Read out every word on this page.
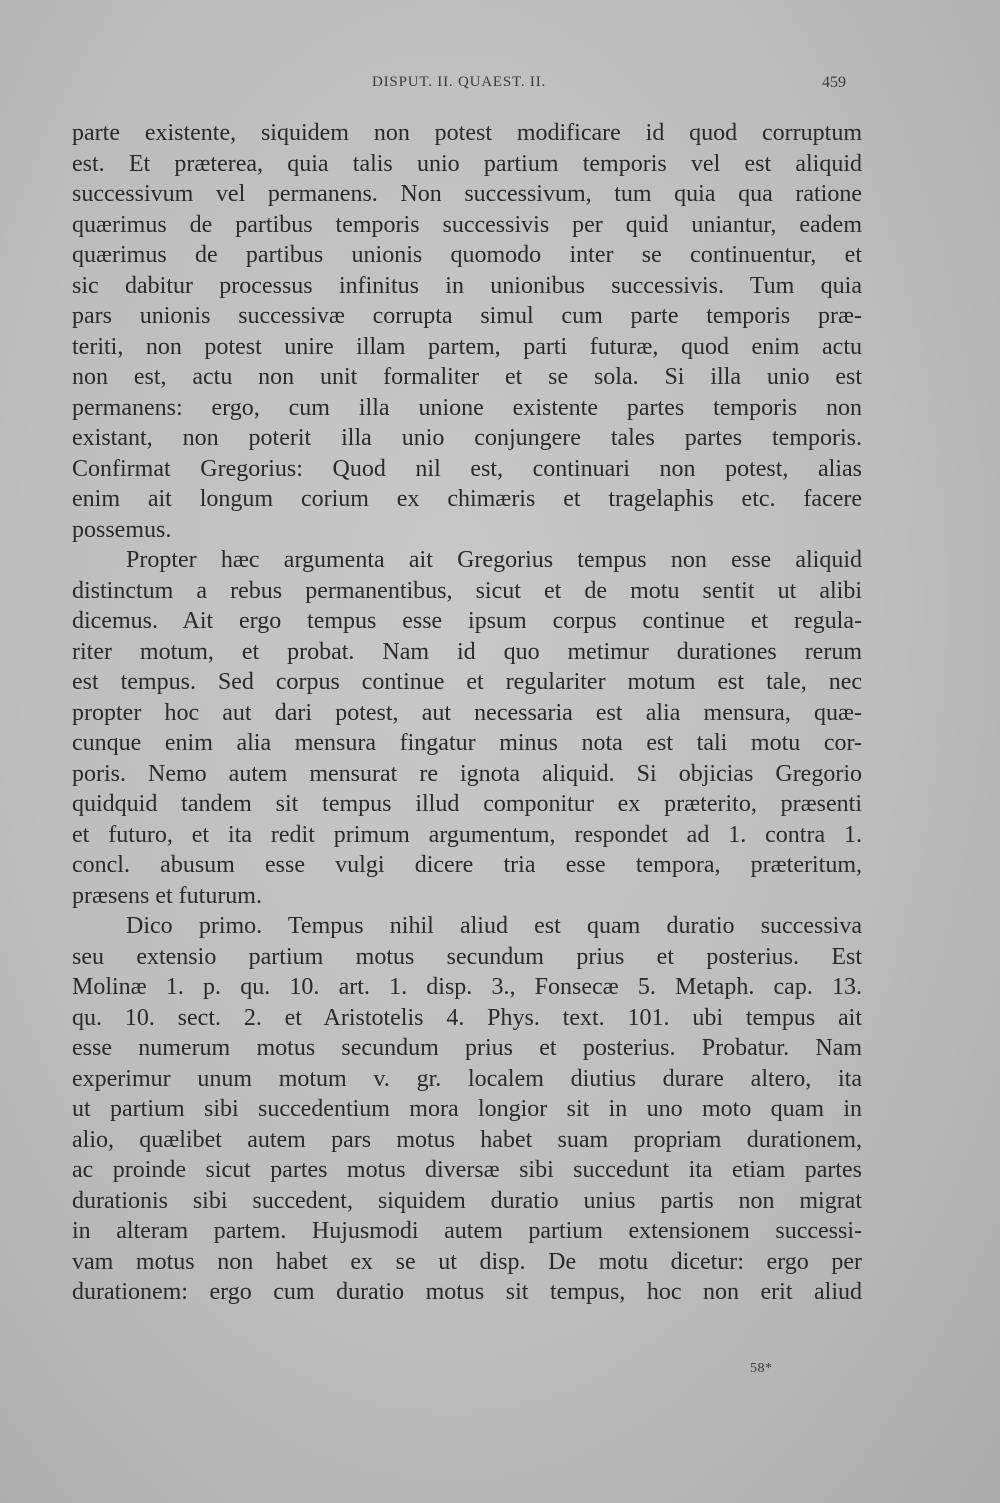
DISPUT. II. QUAEST. II.	459
parte existente, siquidem non potest modificare id quod corruptum
est. Et præterea, quia talis unio partium temporis vel est aliquid
successivum vel permanens. Non successivum, tum quia qua ratione
quærimus de partibus temporis successivis per quid uniantur, eadem
quærimus de partibus unionis quomodo inter se continuentur, et
sic dabitur processus infinitus in unionibus successivis. Tum quia
pars unionis successivæ corrupta simul cum parte temporis præ-
teriti, non potest unire illam partem, parti futuræ, quod enim actu
non est, actu non unit formaliter et se sola. Si illa unio est
permanens: ergo, cum illa unione existente partes temporis non
existant, non poterit illa unio conjungere tales partes temporis.
Confirmat Gregorius: Quod nil est, continuari non potest, alias
enim ait longum corium ex chimæris et tragelaphis etc. facere
possemus.
Propter hæc argumenta ait Gregorius tempus non esse aliquid
distinctum a rebus permanentibus, sicut et de motu sentit ut alibi
dicemus. Ait ergo tempus esse ipsum corpus continue et regula-
riter motum, et probat. Nam id quo metimur durationes rerum
est tempus. Sed corpus continue et regulariter motum est tale, nec
propter hoc aut dari potest, aut necessaria est alia mensura, quæ-
cunque enim alia mensura fingatur minus nota est tali motu cor-
poris. Nemo autem mensurat re ignota aliquid. Si objicias Gregorio
quidquid tandem sit tempus illud componitur ex præterito, præsenti
et futuro, et ita redit primum argumentum, respondet ad 1. contra 1.
concl. abusum esse vulgi dicere tria esse tempora, præteritum,
præsens et futurum.
Dico primo. Tempus nihil aliud est quam duratio successiva
seu extensio partium motus secundum prius et posterius. Est
Molinæ 1. p. qu. 10. art. 1. disp. 3., Fonsecæ 5. Metaph. cap. 13.
qu. 10. sect. 2. et Aristotelis 4. Phys. text. 101. ubi tempus ait
esse numerum motus secundum prius et posterius. Probatur. Nam
experimur unum motum v. gr. localem diutius durare altero, ita
ut partium sibi succedentium mora longior sit in uno moto quam in
alio, quælibet autem pars motus habet suam propriam durationem,
ac proinde sicut partes motus diversæ sibi succedunt ita etiam partes
durationis sibi succedent, siquidem duratio unius partis non migrat
in alteram partem. Hujusmodi autem partium extensionem successi-
vam motus non habet ex se ut disp. De motu dicetur: ergo per
durationem: ergo cum duratio motus sit tempus, hoc non erit aliud
58*
